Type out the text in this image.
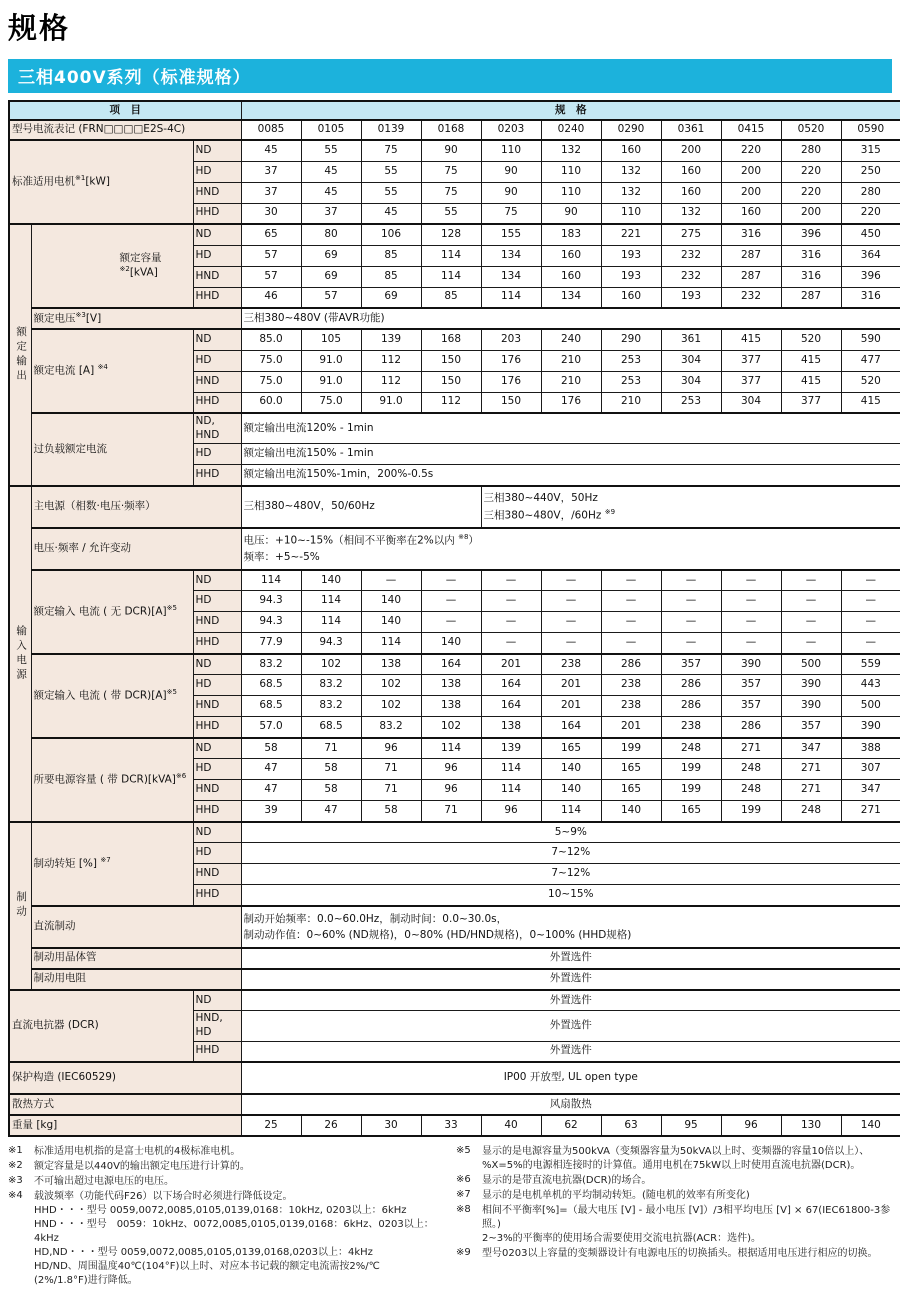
规格
三相400V系列（标准规格）
项　目			规　格										
型号电流表记 (FRN□□□□E2S-4C)			0085	0105	0139	0168	0203	0240	0290	0361	0415	0520	0590
标准适用电机$^{※1}$[kW]		ND	45	55	75	90	110	132	160	200	220	280	315
		HD	37	45	55	75	90	110	132	160	200	220	250
		HND	37	45	55	75	90	110	132	160	200	220	280
		HHD	30	37	45	55	75	90	110	132	160	200	220
额定输出	额定容量$^{※2}$[kVA]	ND	65	80	106	128	155	183	221	275	316	396	450
		HD	57	69	85	114	134	160	193	232	287	316	364
		HND	57	69	85	114	134	160	193	232	287	316	396
		HHD	46	57	69	85	114	134	160	193	232	287	316
	额定电压$^{※3}$[V]		三相380~480V (带AVR功能)										
	额定电流 [A] $^{※4}$	ND	85.0	105	139	168	203	240	290	361	415	520	590
		HD	75.0	91.0	112	150	176	210	253	304	377	415	477
		HND	75.0	91.0	112	150	176	210	253	304	377	415	520
		HHD	60.0	75.0	91.0	112	150	176	210	253	304	377	415
	过负载额定电流	ND, HND	额定输出电流120% - 1min										
		HD	额定输出电流150% - 1min										
		HHD	额定输出电流150%-1min，200%-0.5s										
输入电源	主电源（相数·电压·频率）		三相380~480V，50/60Hz				三相380~440V，50Hz
三相380~480V，/60Hz $^{※9}$

	电压·频率 / 允许变动		电压：+10~-15%（相间不平衡率在2%以内 $^{※8}$）
频率：+5~-5%										

	额定输入 电流 ( 无 $DCR)[A]^{※5}$	ND	114	140	—	—	—	—	—	—	—	—	—
		HD	94.3	114	140	—	—	—	—	—	—	—	—
		HND	94.3	114	140	—	—	—	—	—	—	—	—
		HHD	77.9	94.3	114	140	—	—	—	—	—	—	—
	额定输入 电流 ( 带 $DCR)[A]^{※5}$	ND	83.2	102	138	164	201	238	286	357	390	500	559
		HD	68.5	83.2	102	138	164	201	238	286	357	390	443
		HND	68.5	83.2	102	138	164	201	238	286	357	390	500
		HHD	57.0	68.5	83.2	102	138	164	201	238	286	357	390
	所要电源容量 ( 带 DCR)[kVA]$^{※6}$	ND	58	71	96	114	139	165	199	248	271	347	388
		HD	47	58	71	96	114	140	165	199	248	271	307
		HND	47	58	71	96	114	140	165	199	248	271	347
		HHD	39	47	58	71	96	114	140	165	199	248	271
制动	制动转矩 [%] $^{※7}$	ND	5~9%										
		HD	7~12%										
		HND	7~12%										
		HHD	10~15%										
	直流制动		制动开始频率：0.0~60.0Hz，制动时间：0.0~30.0s，
制动动作值：0~60% (ND规格)，0~80% (HD/HND规格)，0~100% (HHD规格)										

	制动用晶体管		外置选件										
	制动用电阻		外置选件										
直流电抗器 (DCR)		ND	外置选件										
		HND, HD	外置选件										
		HHD	外置选件										
保护构造 (IEC60529)			IP00 开放型, UL open type										
散热方式			风扇散热										
重量 [kg]			25	26	30	33	40	62	63	95	96	130	140
※1	标准适用电机指的是富士电机的4极标准电机。
※2	额定容量是以440V的输出额定电压进行计算的。
※3	不可输出超过电源电压的电压。
※4	载波频率（功能代码F26）以下场合时必须进行降低设定。
HHD・・・型号 0059,0072,0085,0105,0139,0168：10kHz, 0203以上：6kHz
HND・・・型号　0059：10kHz、0072,0085,0105,0139,0168：6kHz、0203以上：4kHz
HD,ND・・・型号 0059,0072,0085,0105,0139,0168,0203以上：4kHz
HD/ND、周围温度40℃(104°F)以上时、对应本书记载的额定电流需按2%/℃
(2%/1.8°F)进行降低。
※5	显示的是电源容量为500kVA（变频器容量为50kVA以上时、变频器的容量10倍以上）、
%X=5%的电源相连接时的计算值。通用电机在75kW以上时使用直流电抗器(DCR)。
※6	显示的是带直流电抗器(DCR)的场合。
※7	显示的是电机单机的平均制动转矩。(随电机的效率有所变化)
※8	相间不平衡率[%]=（最大电压 [V] - 最小电压 [V]）/3相平均电压 [V] × 67(IEC61800-3参照。)
2~3%的平衡率的使用场合需要使用交流电抗器(ACR：选件)。
※9	型号0203以上容量的变频器设计有电源电压的切换插头。根据适用电压进行相应的切换。
